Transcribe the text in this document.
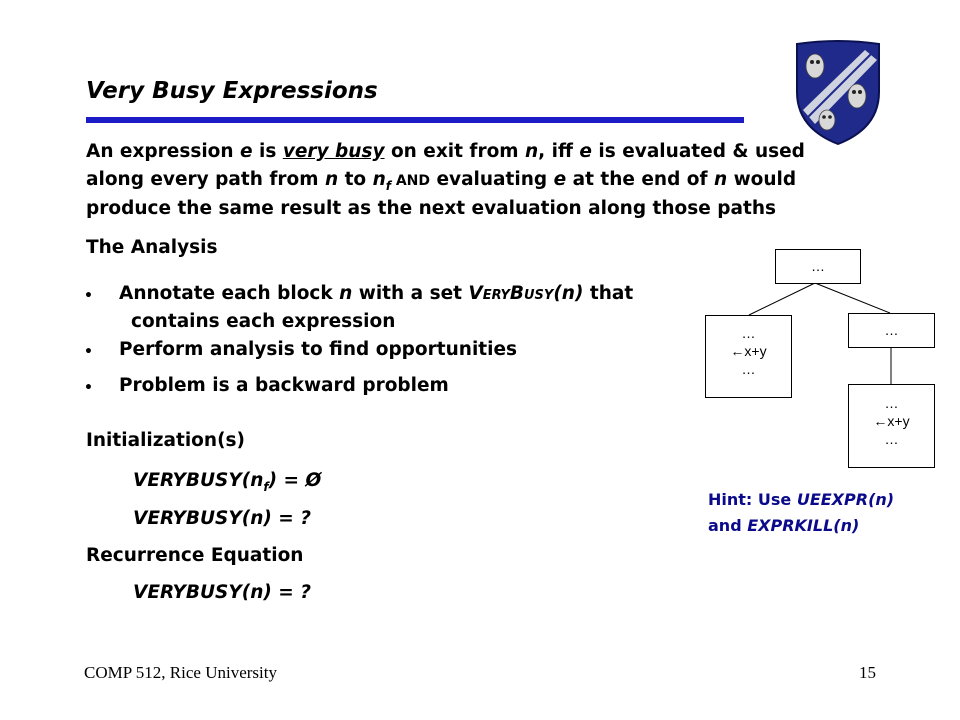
Very Busy Expressions
An expression e is very busy on exit from n, iff e is evaluated & used
along every path from n to $n_f$ AND evaluating e at the end of n would
produce the same result as the next evaluation along those paths
The Analysis
• Annotate each block n with a set VERYBUSY(n) that
contains each expression
• Perform analysis to find opportunities
• Problem is a backward problem
Initialization(s)
$VERYBUSY(n_f)$ = Ø
VERYBUSY(n) = ?
Recurrence Equation
VERYBUSY(n) = ?
…
…
←x+y
…
…
…
←x+y
…
Hint: Use UEEXPR(n)
and EXPRKILL(n)
COMP 512, Rice University	15
